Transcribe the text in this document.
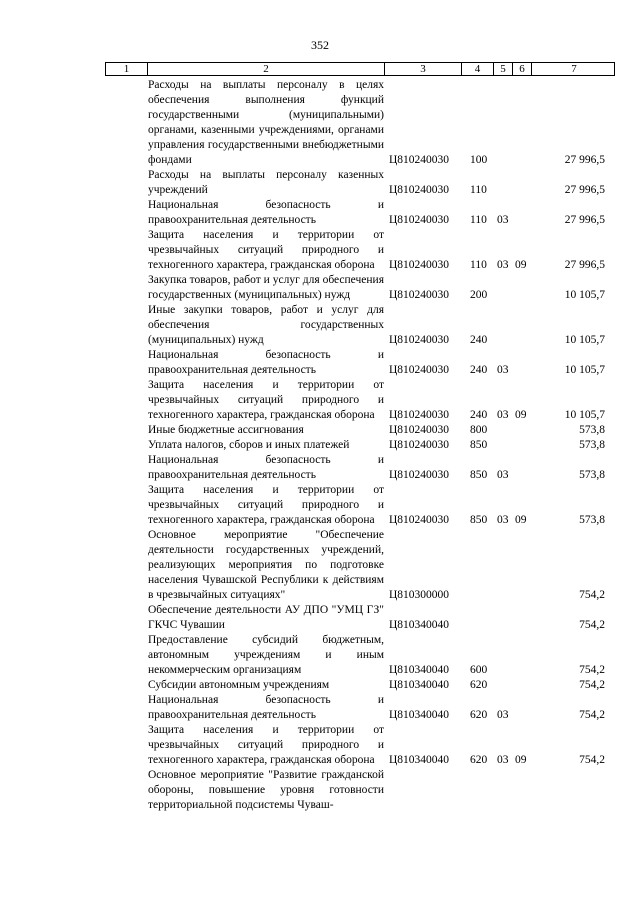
352
1	2	3	4	5	6	7
Расходы на выплаты персоналу в целях обеспечения выполнения функций государственными (муниципальными) органами, казенными учреждениями, органами управления государственными внебюджетными фондами	Ц810240030 100	27 996,5
Расходы на выплаты персоналу казенных учреждений	Ц810240030 110	27 996,5
Национальная безопасность и правоохранительная деятельность	Ц810240030 110 03	27 996,5
Защита населения и территории от чрезвычайных ситуаций природного и техногенного характера, гражданская оборона	Ц810240030 110 03 09	27 996,5
Закупка товаров, работ и услуг для обеспечения государственных (муниципальных) нужд	Ц810240030 200	10 105,7
Иные закупки товаров, работ и услуг для обеспечения государственных (муниципальных) нужд	Ц810240030 240	10 105,7
Национальная безопасность и правоохранительная деятельность	Ц810240030 240 03	10 105,7
Защита населения и территории от чрезвычайных ситуаций природного и техногенного характера, гражданская оборона	Ц810240030 240 03 09	10 105,7
Иные бюджетные ассигнования	Ц810240030 800	573,8
Уплата налогов, сборов и иных платежей	Ц810240030 850	573,8
Национальная безопасность и правоохранительная деятельность	Ц810240030 850 03	573,8
Защита населения и территории от чрезвычайных ситуаций природного и техногенного характера, гражданская оборона	Ц810240030 850 03 09	573,8
Основное мероприятие "Обеспечение деятельности государственных учреждений, реализующих мероприятия по подготовке населения Чувашской Республики к действиям в чрезвычайных ситуациях"	Ц810300000	754,2
Обеспечение деятельности АУ ДПО "УМЦ ГЗ" ГКЧС Чувашии	Ц810340040	754,2
Предоставление субсидий бюджетным, автономным учреждениям и иным некоммерческим организациям	Ц810340040 600	754,2
Субсидии автономным учреждениям	Ц810340040 620	754,2
Национальная безопасность и правоохранительная деятельность	Ц810340040 620 03	754,2
Защита населения и территории от чрезвычайных ситуаций природного и техногенного характера, гражданская оборона	Ц810340040 620 03 09	754,2
Основное мероприятие "Развитие гражданской обороны, повышение уровня готовности территориальной подсистемы Чуваш-
